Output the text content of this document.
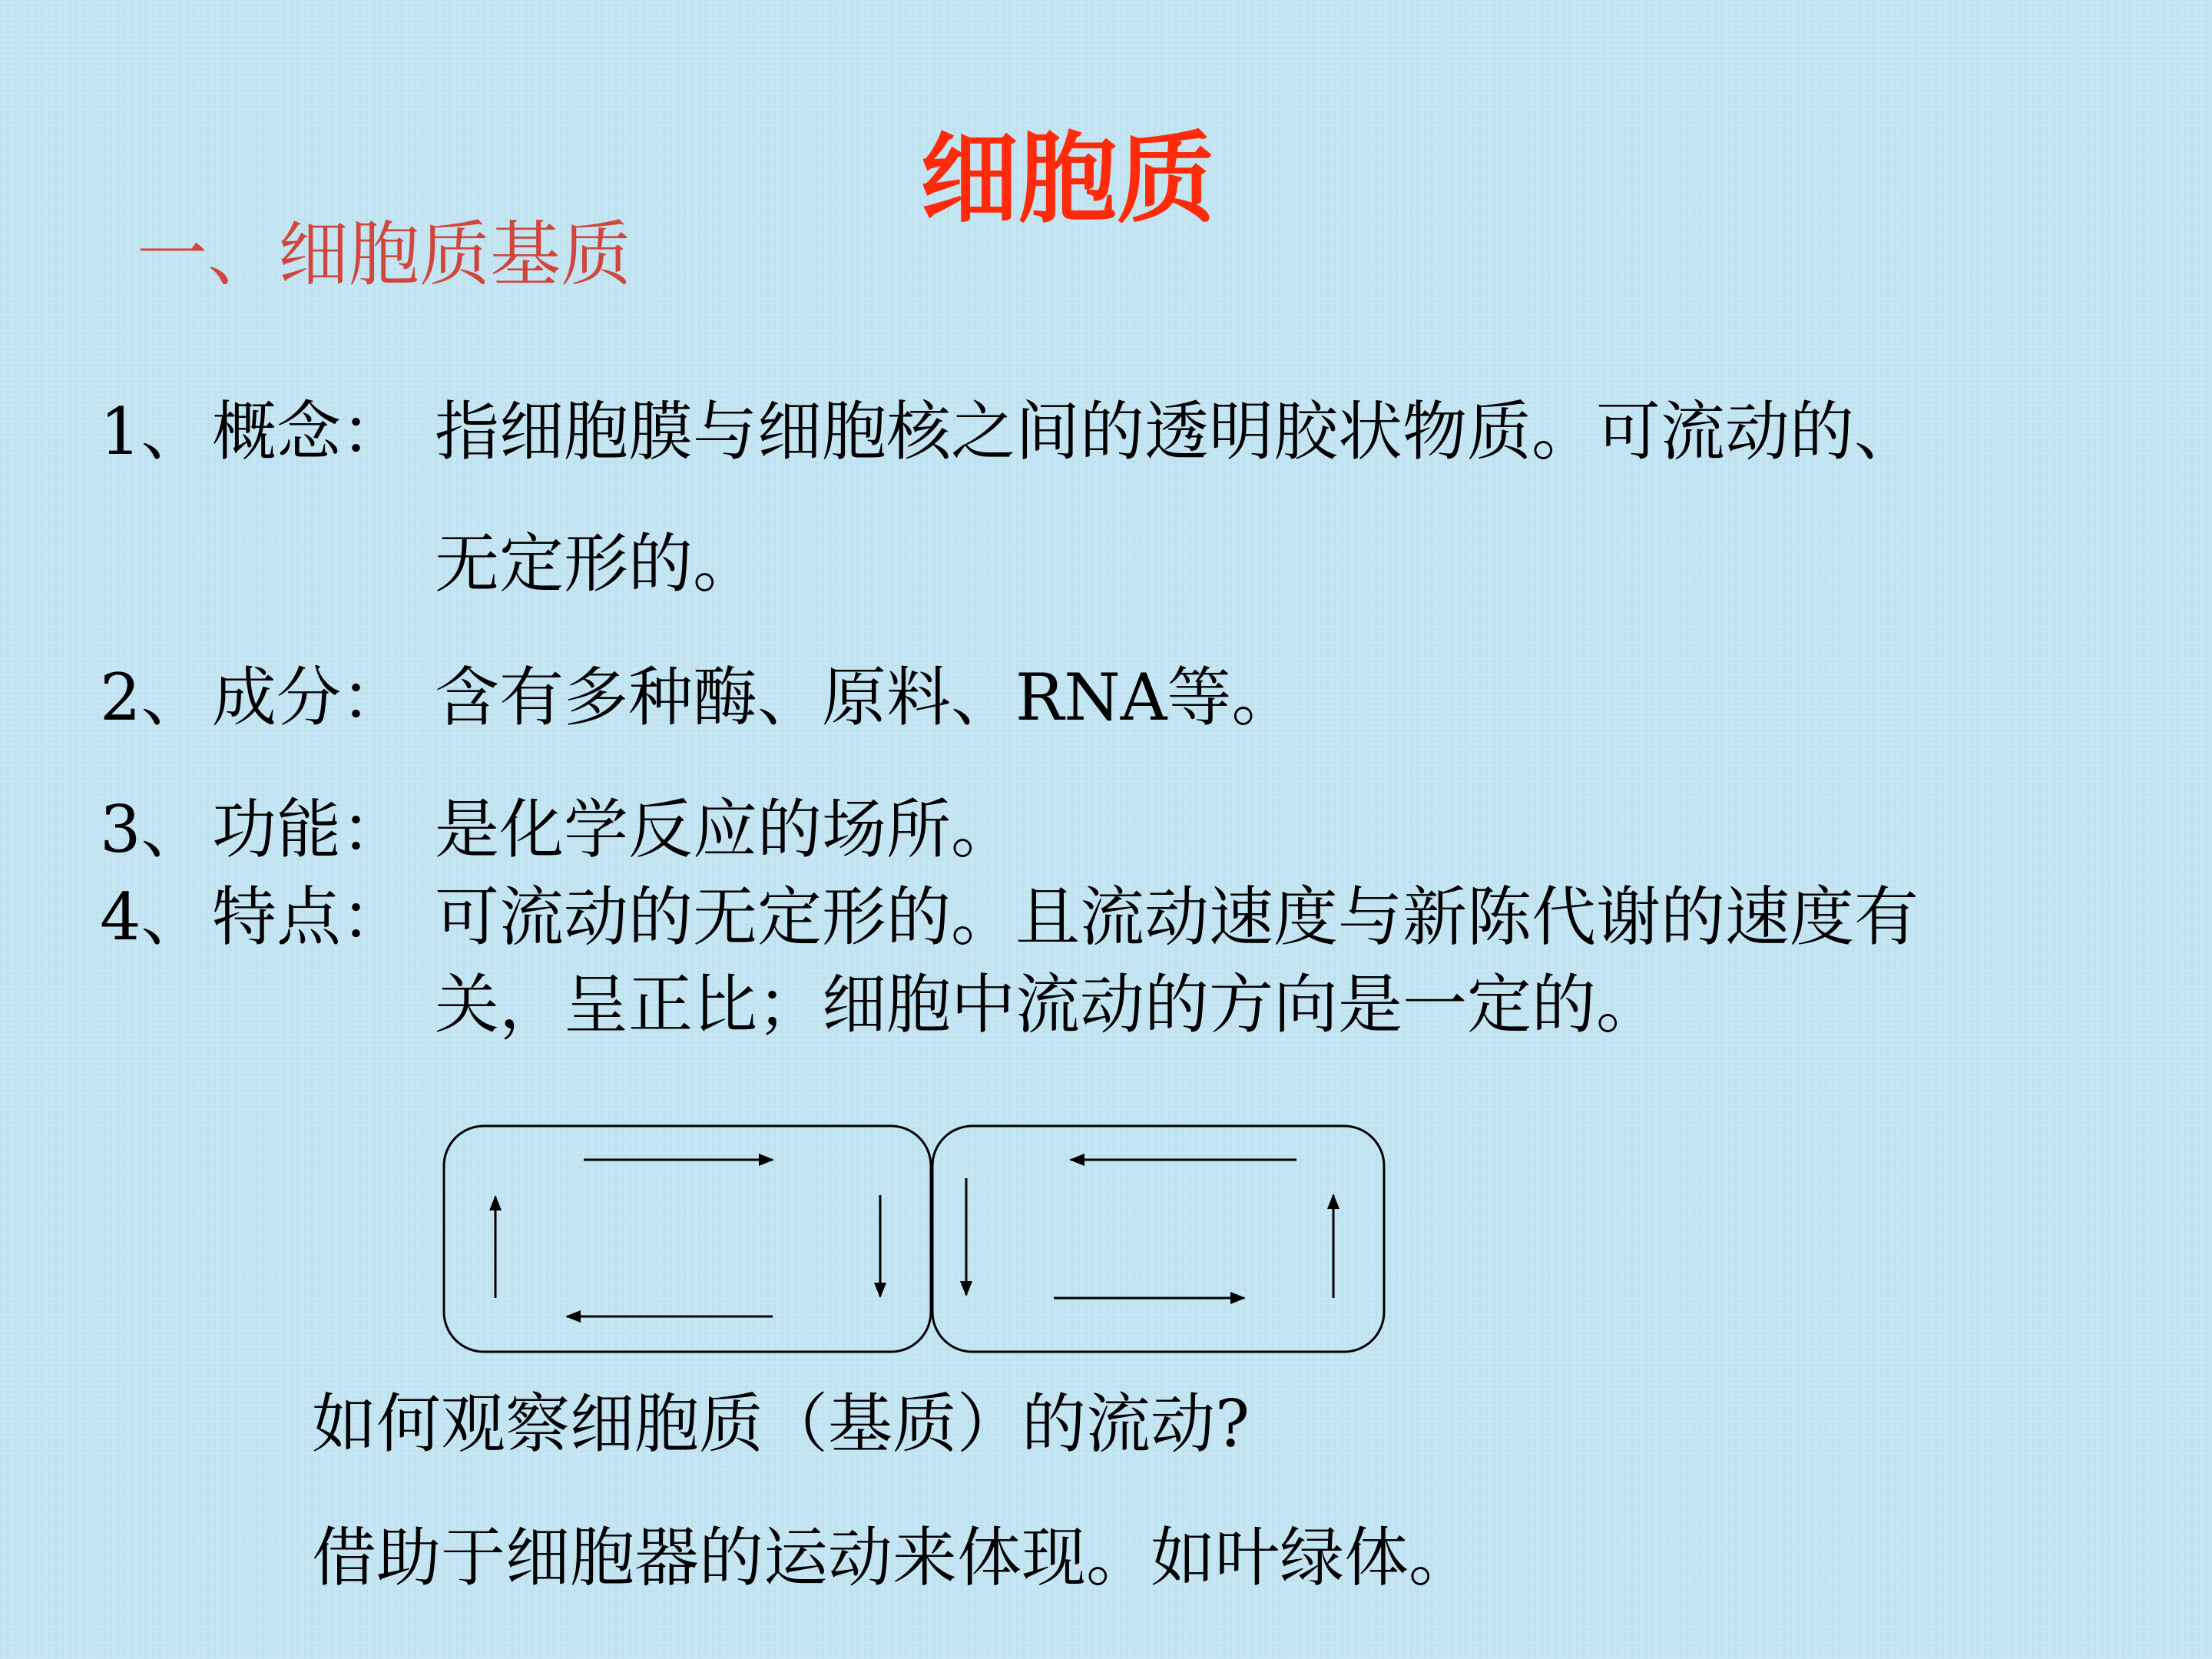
细胞质
一、细胞质基质
1、 概念： 指细胞膜与细胞核之间的透明胶状物质。可流动的、
无定形的。
2、 成分： 含有多种酶、原料、RNA等。
3、 功能： 是化学反应的场所。
4、 特点： 可流动的无定形的。且流动速度与新陈代谢的速度有
关，呈正比；细胞中流动的方向是一定的。
如何观察细胞质（基质）的流动?
借助于细胞器的运动来体现。如叶绿体。
